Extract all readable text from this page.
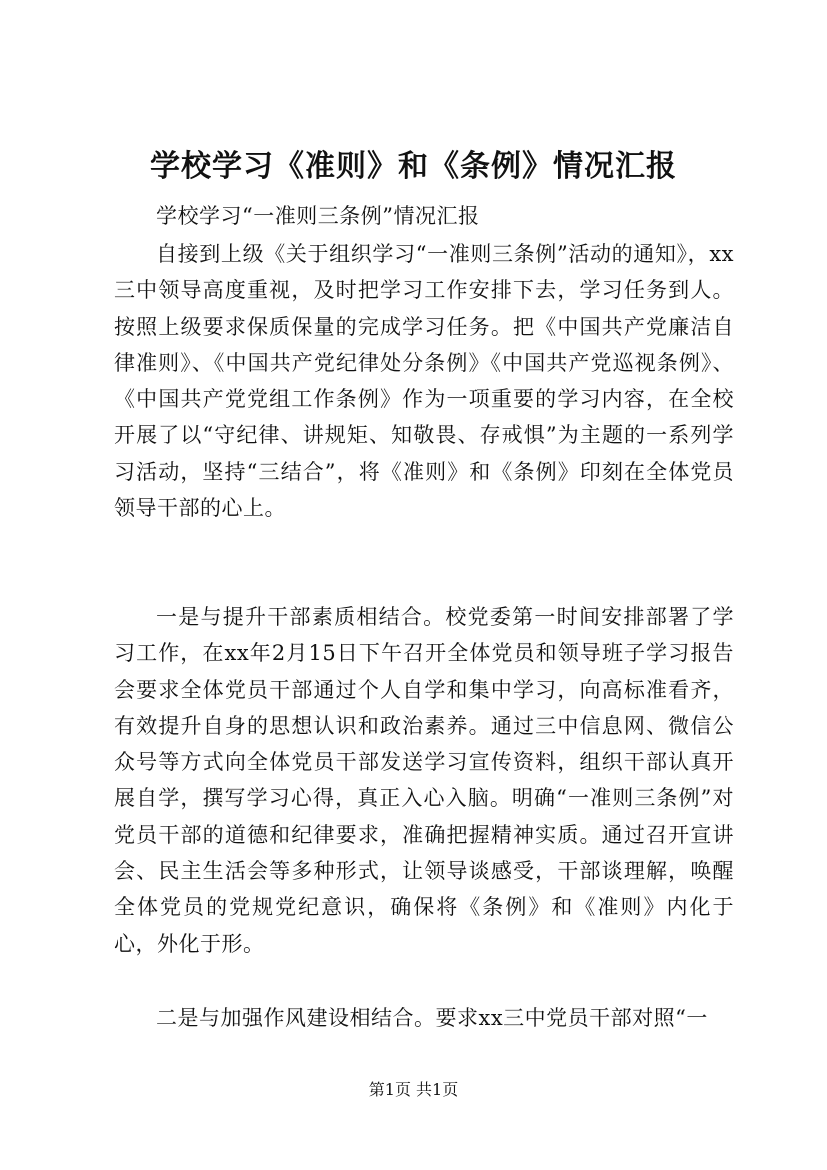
学校学习《准则》和《条例》情况汇报

学校学习“一准则三条例”情况汇报

自接到上级《关于组织学习“一准则三条例”活动的通知》，xx三中领导高度重视，及时把学习工作安排下去，学习任务到人。按照上级要求保质保量的完成学习任务。把《中国共产党廉洁自律准则》、《中国共产党纪律处分条例》《中国共产党巡视条例》、《中国共产党党组工作条例》作为一项重要的学习内容，在全校开展了以“守纪律、讲规矩、知敬畏、存戒惧”为主题的一系列学习活动，坚持“三结合”，将《准则》和《条例》印刻在全体党员领导干部的心上。

一是与提升干部素质相结合。校党委第一时间安排部署了学习工作，在xx年2月15日下午召开全体党员和领导班子学习报告会要求全体党员干部通过个人自学和集中学习，向高标准看齐，有效提升自身的思想认识和政治素养。通过三中信息网、微信公众号等方式向全体党员干部发送学习宣传资料，组织干部认真开展自学，撰写学习心得，真正入心入脑。明确“一准则三条例”对党员干部的道德和纪律要求，准确把握精神实质。通过召开宣讲会、民主生活会等多种形式，让领导谈感受，干部谈理解，唤醒全体党员的党规党纪意识，确保将《条例》和《准则》内化于心，外化于形。

二是与加强作风建设相结合。要求xx三中党员干部对照“一

第1页 共1页
